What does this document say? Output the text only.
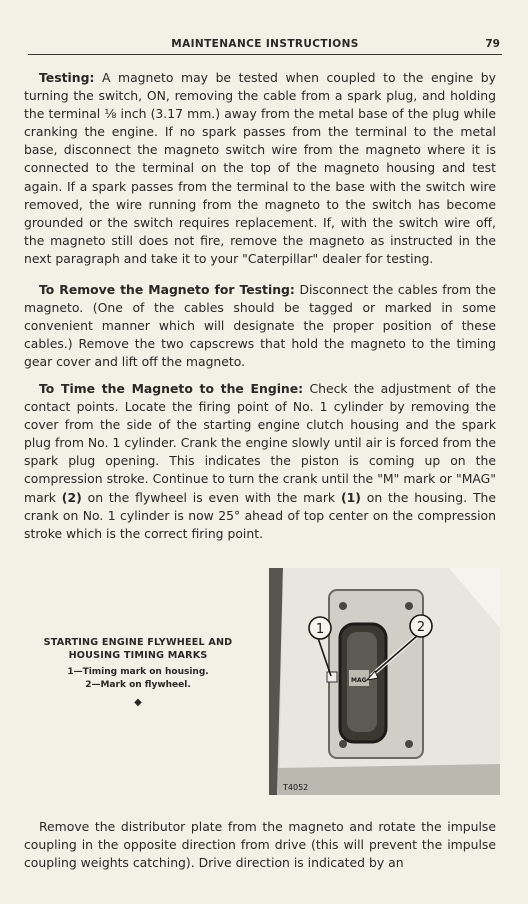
MAINTENANCE INSTRUCTIONS	79

Testing: A magneto may be tested when coupled to the engine by turning the switch, ON, removing the cable from a spark plug, and holding the terminal ⅛ inch (3.17 mm.) away from the metal base of the plug while cranking the engine. If no spark passes from the terminal to the metal base, disconnect the magneto switch wire from the magneto where it is connected to the terminal on the top of the magneto housing and test again. If a spark passes from the terminal to the base with the switch wire removed, the wire running from the magneto to the switch has become grounded or the switch requires replacement. If, with the switch wire off, the magneto still does not fire, remove the magneto as instructed in the next paragraph and take it to your "Caterpillar" dealer for testing.

To Remove the Magneto for Testing: Disconnect the cables from the magneto. (One of the cables should be tagged or marked in some convenient manner which will designate the proper position of these cables.) Remove the two capscrews that hold the magneto to the timing gear cover and lift off the magneto.

To Time the Magneto to the Engine: Check the adjustment of the contact points. Locate the firing point of No. 1 cylinder by removing the cover from the side of the starting engine clutch housing and the spark plug from No. 1 cylinder. Crank the engine slowly until air is forced from the spark plug opening. This indicates the piston is coming up on the compression stroke. Continue to turn the crank until the "M" mark or "MAG" mark (2) on the flywheel is even with the mark (1) on the housing. The crank on No. 1 cylinder is now 25° ahead of top center on the compression stroke which is the correct firing point.

STARTING ENGINE FLYWHEEL AND HOUSING TIMING MARKS
1—Timing mark on housing.
2—Mark on flywheel.
◆
MAG
1	2
T4052

Remove the distributor plate from the magneto and rotate the impulse coupling in the opposite direction from drive (this will prevent the impulse coupling weights catching). Drive direction is indicated by an
